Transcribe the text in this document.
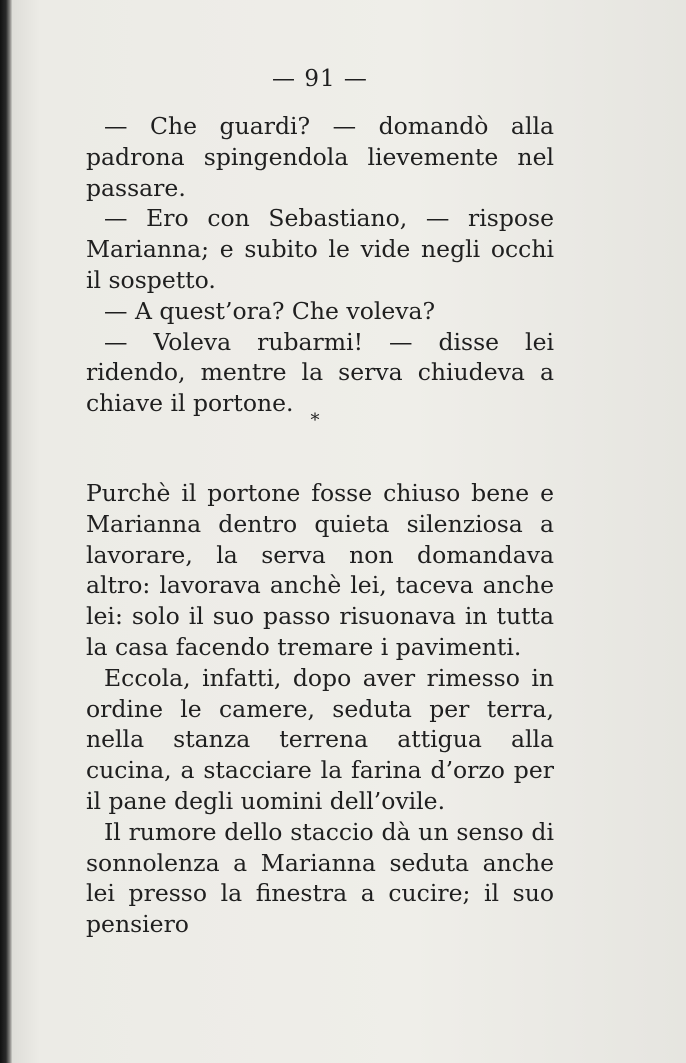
— 91 —

— Che guardi? — domandò alla padrona spingendola lievemente nel passare.

— Ero con Sebastiano, — rispose Marianna; e subito le vide negli occhi il sospetto.

— A quest’ora? Che voleva?

— Voleva rubarmi! — disse lei ridendo, mentre la serva chiudeva a chiave il portone.

*

Purchè il portone fosse chiuso bene e Marianna dentro quieta silenziosa a lavorare, la serva non domandava altro: lavorava anchè lei, taceva anche lei: solo il suo passo risuonava in tutta la casa facendo tremare i pavimenti.

Eccola, infatti, dopo aver rimesso in ordine le camere, seduta per terra, nella stanza terrena attigua alla cucina, a stacciare la farina d’orzo per il pane degli uomini dell’ovile.

Il rumore dello staccio dà un senso di sonnolenza a Marianna seduta anche lei presso la finestra a cucire; il suo pensiero
